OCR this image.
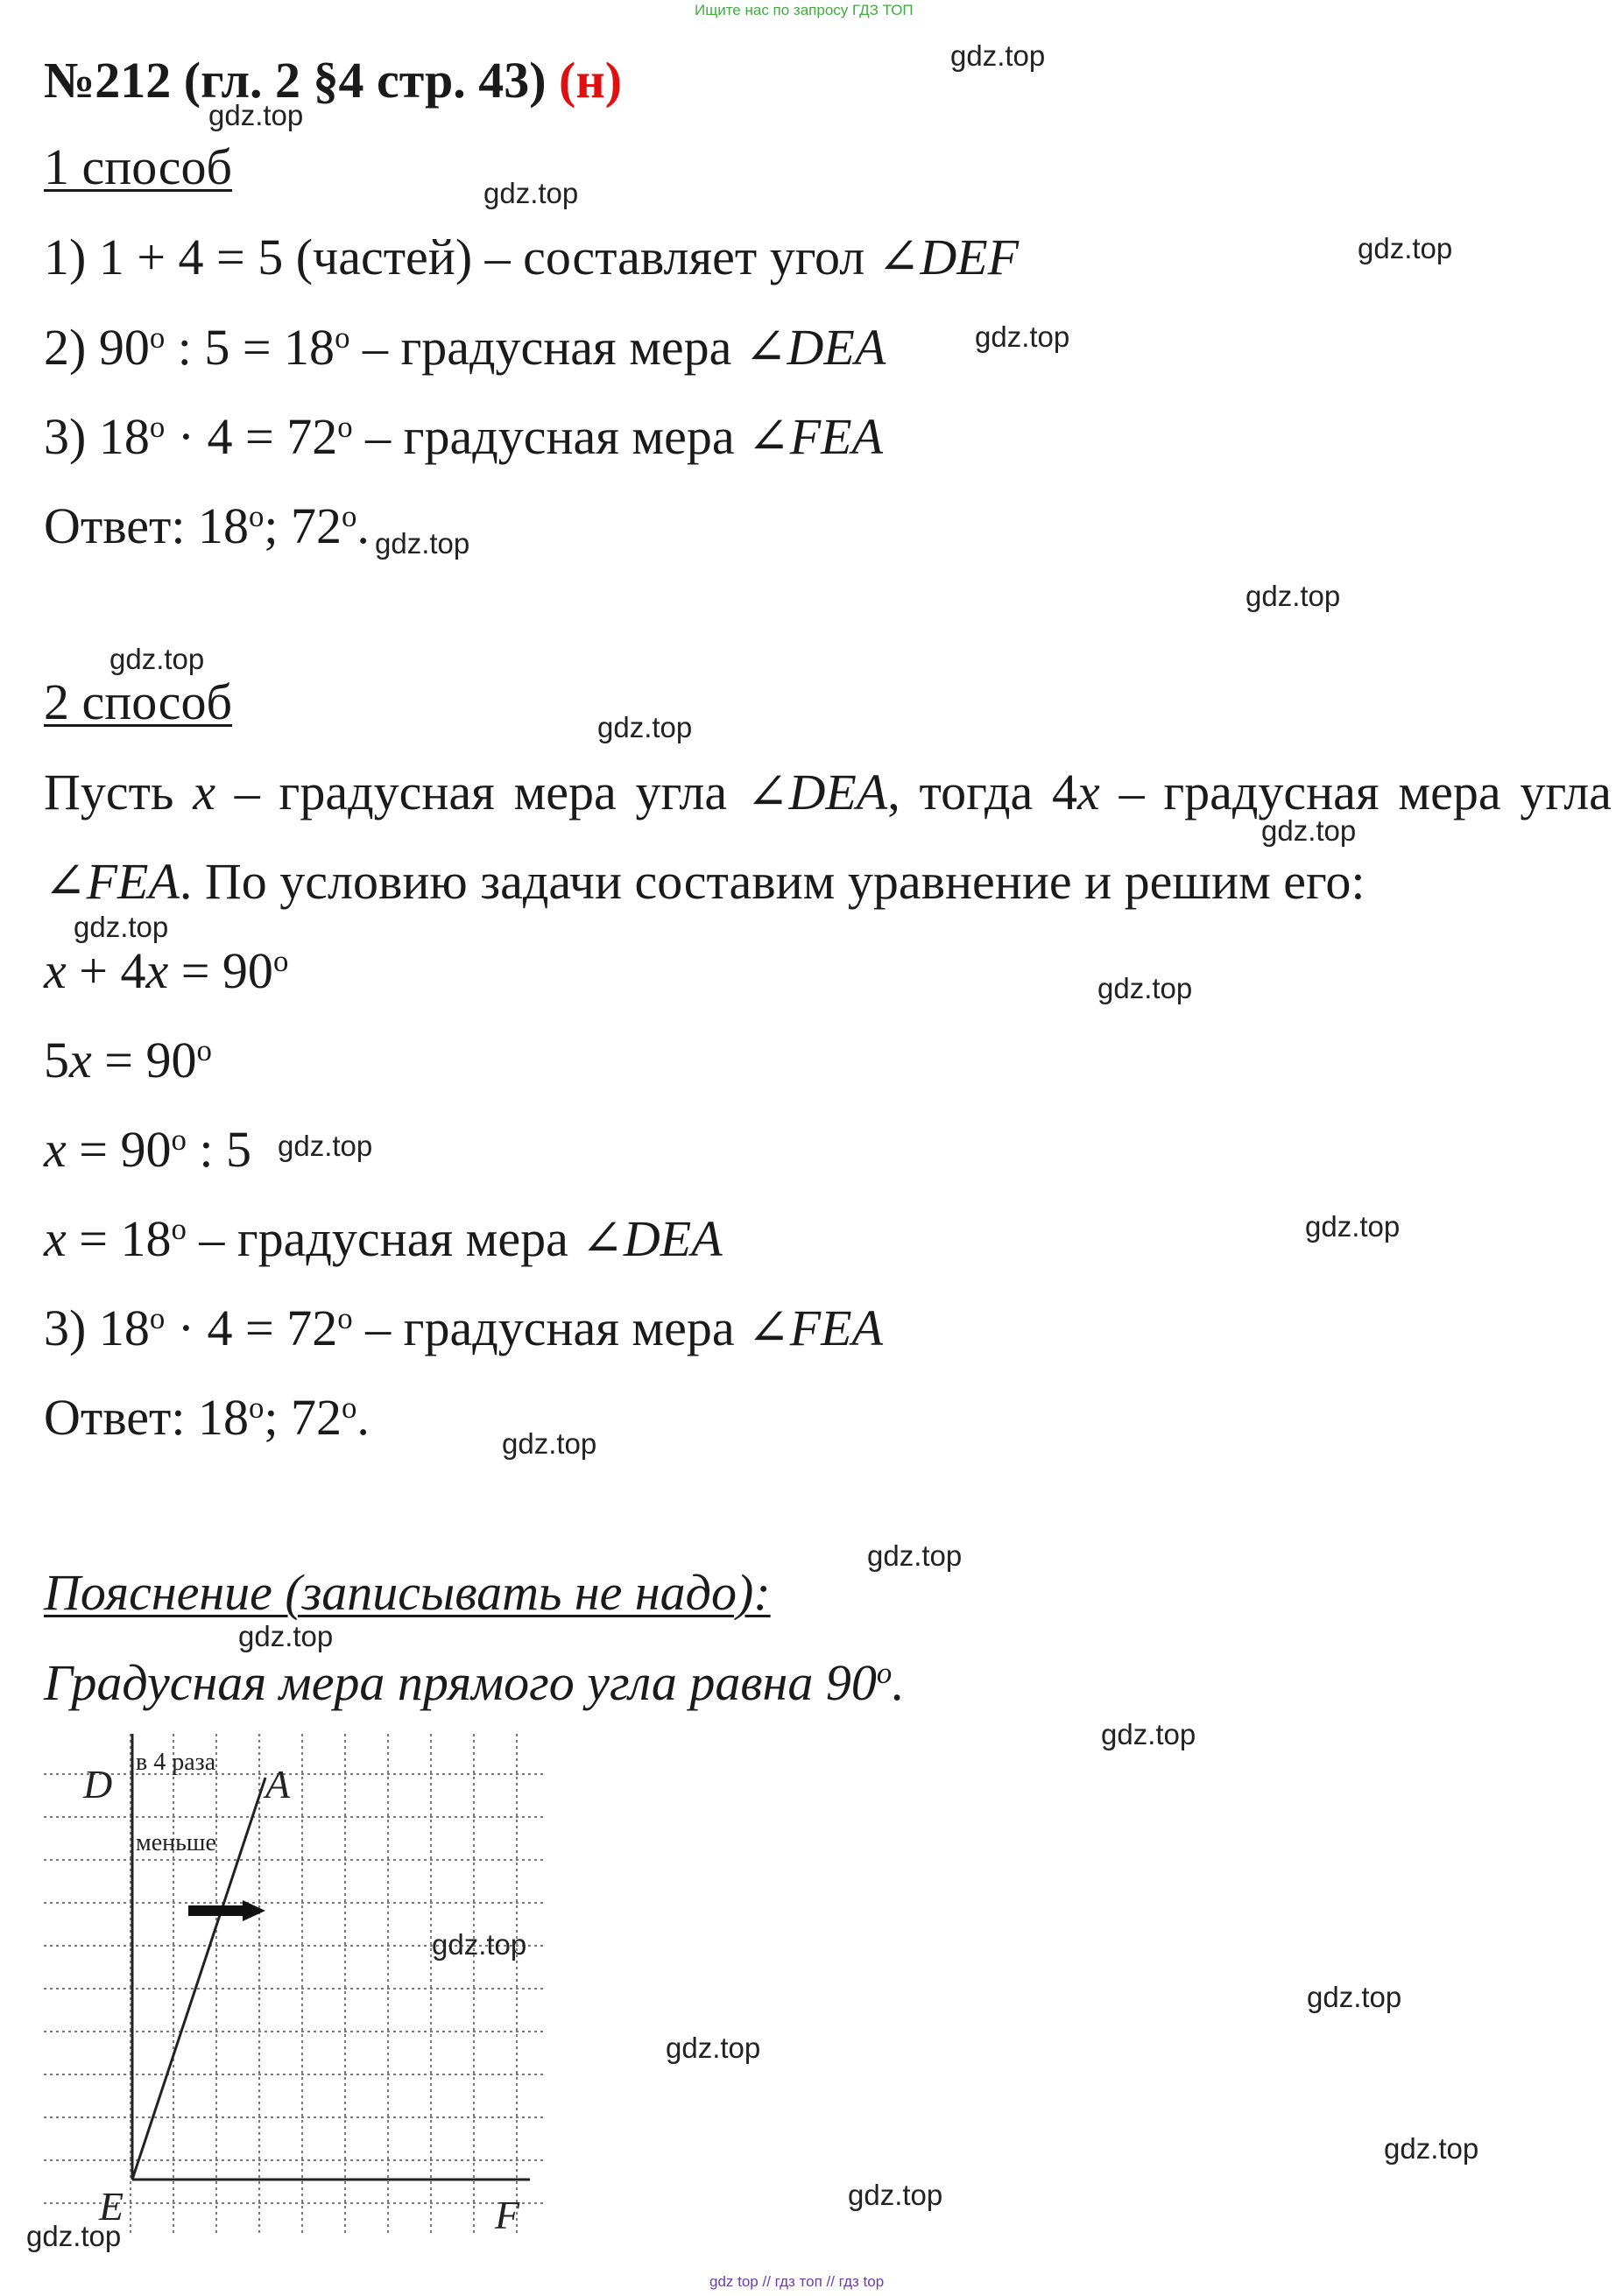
Ищите нас по запросу ГДЗ ТОП
gdz top // гдз топ // гдз top
№212 (гл. 2 §4 стр. 43) (н)
1 способ
1) 1 + 4 = 5 (частей) – составляет угол ∠DEF
2) $90^о$ : $5 = 18^о$ – градусная мера ∠DEA
3) $18^о \cdot 4 = 72^о$ – градусная мера ∠FEA
Ответ: $18^о$; $72^о$.
2 способ
Пусть x – градусная мера угла ∠DEA, тогда 4x – градусная мера угла
∠FEA. По условию задачи составим уравнение и решим его:
$x + 4x = 90^о$
$5x = 90^о$
$x = 90^о$ : 5
$x = 18^о$ – градусная мера ∠DEA
3) $18^о \cdot 4 = 72^о$ – градусная мера ∠FEA
Ответ: $18^о$; $72^о$.
Пояснение (записывать не надо):
Градусная мера прямого угла равна $90^о$.
в 4 раза
меньше
D	A
E	F
gdz.top
gdz.top
gdz.top
gdz.top
gdz.top
gdz.top
gdz.top
gdz.top
gdz.top
gdz.top
gdz.top
gdz.top
gdz.top
gdz.top
gdz.top
gdz.top
gdz.top
gdz.top
gdz.top
gdz.top
gdz.top
gdz.top
gdz.top
gdz.top
